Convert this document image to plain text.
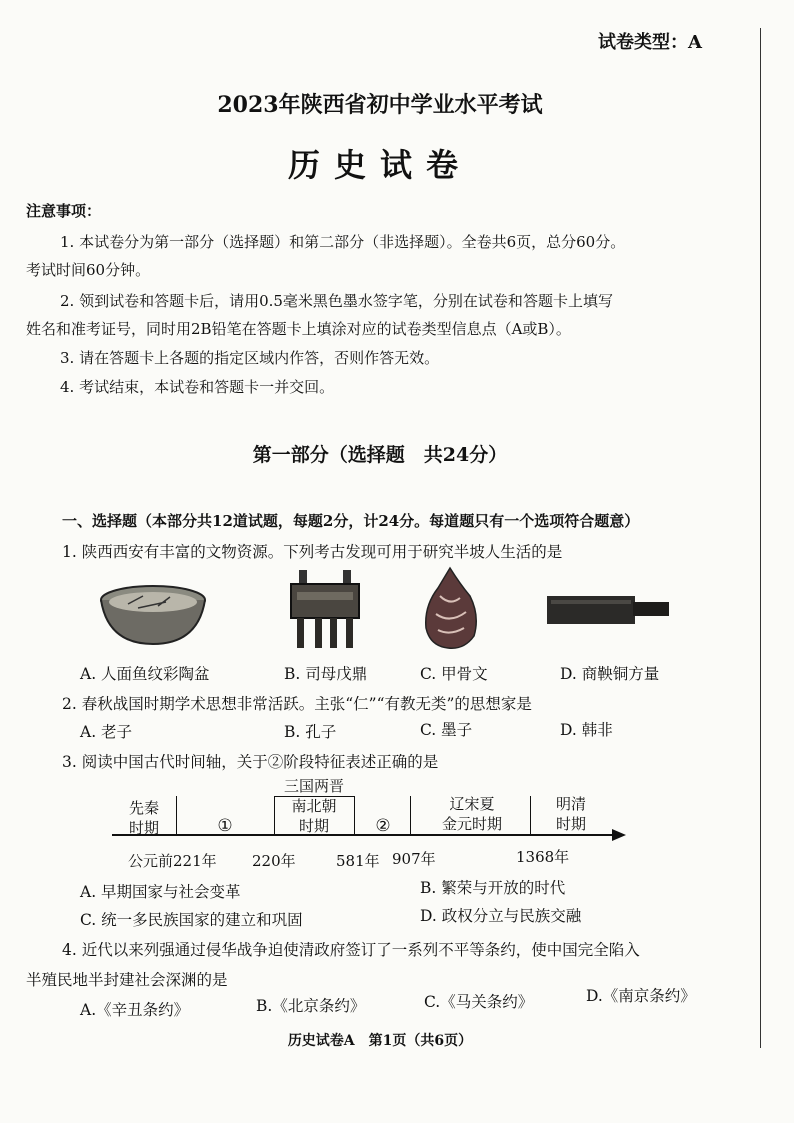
试卷类型：A
2023年陕西省初中学业水平考试
历史试卷
注意事项：
1. 本试卷分为第一部分（选择题）和第二部分（非选择题）。全卷共6页，总分60分。
考试时间60分钟。
2. 领到试卷和答题卡后，请用0.5毫米黑色墨水签字笔，分别在试卷和答题卡上填写
姓名和准考证号，同时用2B铅笔在答题卡上填涂对应的试卷类型信息点（A或B）。
3. 请在答题卡上各题的指定区域内作答，否则作答无效。
4. 考试结束，本试卷和答题卡一并交回。
第一部分（选择题　共24分）
一、选择题（本部分共12道试题，每题2分，计24分。每道题只有一个选项符合题意）
1. 陕西西安有丰富的文物资源。下列考古发现可用于研究半坡人生活的是
A. 人面鱼纹彩陶盆	B. 司母戊鼎	C. 甲骨文	D. 商鞅铜方量
2. 春秋战国时期学术思想非常活跃。主张“仁”“有教无类”的思想家是
A. 老子	B. 孔子	C. 墨子	D. 韩非
3. 阅读中国古代时间轴，关于②阶段特征表述正确的是
先秦
时期	①
三国两晋
南北朝
时期	②
辽宋夏
金元时期
明清
时期
公元前221年 220年	581年 907年	1368年
A. 早期国家与社会变革	B. 繁荣与开放的时代
C. 统一多民族国家的建立和巩固	D. 政权分立与民族交融
4. 近代以来列强通过侵华战争迫使清政府签订了一系列不平等条约，使中国完全陷入
半殖民地半封建社会深渊的是
A.《辛丑条约》	B.《北京条约》	C.《马关条约》	D.《南京条约》
历史试卷A　第1页（共6页）
